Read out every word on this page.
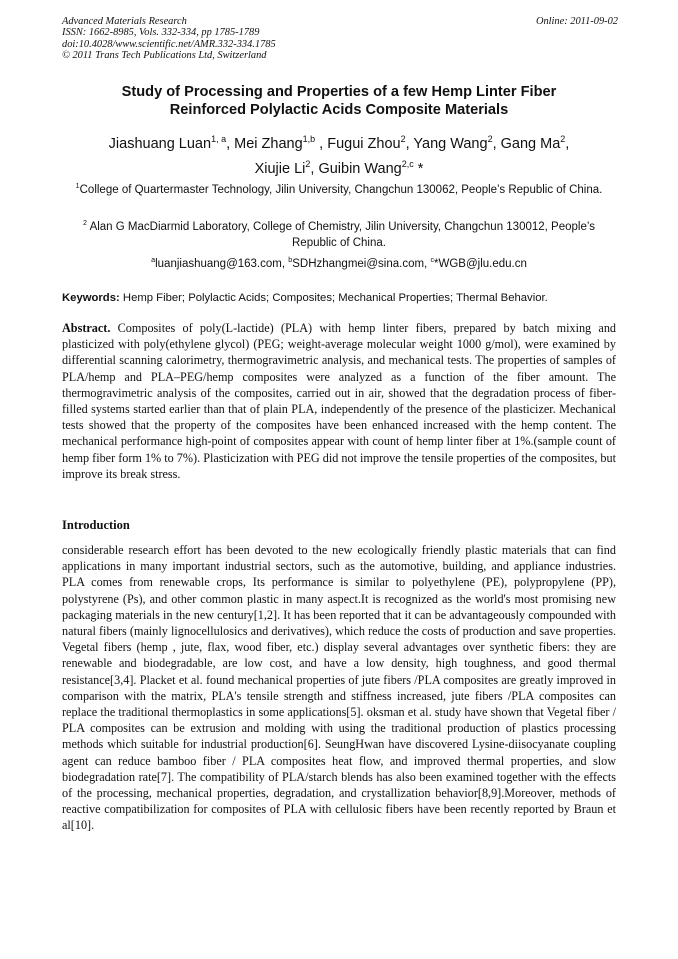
Advanced Materials Research
ISSN: 1662-8985, Vols. 332-334, pp 1785-1789
doi:10.4028/www.scientific.net/AMR.332-334.1785
© 2011 Trans Tech Publications Ltd, Switzerland
Online: 2011-09-02
Study of Processing and Properties of a few Hemp Linter Fiber
Reinforced Polylactic Acids Composite Materials
Jiashuang Luan$^{1, a}$, Mei Zhang$^{1,b}$ , Fugui Zhou$^2$, Yang Wang$^2$, Gang Ma$^2$,
Xiujie Li$^2$, Guibin Wang$^{2,c}$ *
$^1$College of Quartermaster Technology, Jilin University, Changchun 130062, People’s Republic of China.
$^2$ Alan G MacDiarmid Laboratory, College of Chemistry, Jilin University, Changchun 130012, People’s Republic of China.
$^a$luanjiashuang@163.com, $^b$SDHzhangmei@sina.com, $^c$*WGB@jlu.edu.cn
Keywords: Hemp Fiber; Polylactic Acids; Composites; Mechanical Properties; Thermal Behavior.
Abstract. Composites of poly(L-lactide) (PLA) with hemp linter fibers, prepared by batch mixing and plasticized with poly(ethylene glycol) (PEG; weight-average molecular weight 1000 g/mol), were examined by differential scanning calorimetry, thermogravimetric analysis, and mechanical tests. The properties of samples of PLA/hemp and PLA–PEG/hemp composites were analyzed as a function of the fiber amount. The thermogravimetric analysis of the composites, carried out in air, showed that the degradation process of fiber-filled systems started earlier than that of plain PLA, independently of the presence of the plasticizer. Mechanical tests showed that the property of the composites have been enhanced increased with the hemp content. The mechanical performance high-point of composites appear with count of hemp linter fiber at 1%.(sample count of hemp fiber form 1% to 7%). Plasticization with PEG did not improve the tensile properties of the composites, but improve its break stress.
Introduction
considerable research effort has been devoted to the new ecologically friendly plastic materials that can find applications in many important industrial sectors, such as the automotive, building, and appliance industries. PLA comes from renewable crops, Its performance is similar to polyethylene (PE), polypropylene (PP), polystyrene (Ps), and other common plastic in many aspect.It is recognized as the world's most promising new packaging materials in the new century[1,2]. It has been reported that it can be advantageously compounded with natural fibers (mainly lignocellulosics and derivatives), which reduce the costs of production and save properties. Vegetal fibers (hemp , jute, flax, wood fiber, etc.) display several advantages over synthetic fibers: they are renewable and biodegradable, are low cost, and have a low density, high toughness, and good thermal resistance[3,4]. Placket et al. found mechanical properties of jute fibers /PLA composites are greatly improved in comparison with the matrix, PLA's tensile strength and stiffness increased, jute fibers /PLA composites can replace the traditional thermoplastics in some applications[5]. oksman et al. study have shown that Vegetal fiber / PLA composites can be extrusion and molding with using the traditional production of plastics processing methods which suitable for industrial production[6]. SeungHwan have discovered Lysine-diisocyanate coupling agent can reduce bamboo fiber / PLA composites heat flow, and improved thermal properties, and slow biodegradation rate[7]. The compatibility of PLA/starch blends has also been examined together with the effects of the processing, mechanical properties, degradation, and crystallization behavior[8,9].Moreover, methods of reactive compatibilization for composites of PLA with cellulosic fibers have been recently reported by Braun et al[10].
